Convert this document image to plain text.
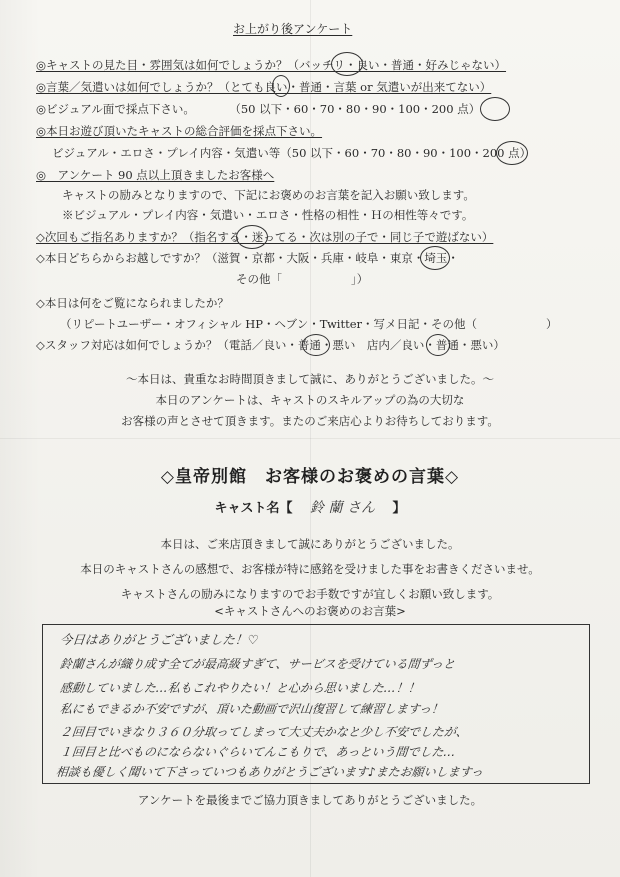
お上がり後アンケート
◎キャストの見た目・雰囲気は如何でしょうか？（バッチリ・良い・普通・好みじゃない）
◎言葉／気遣いは如何でしょうか？（とても良い・普通・言葉 or 気遣いが出来てない）
◎ビジュアル面で採点下さい。　　　　（50 以下・60・70・80・90・100・200 点）
◎本日お遊び頂いたキャストの総合評価を採点下さい。
ビジュアル・エロさ・プレイ内容・気遣い等（50 以下・60・70・80・90・100・200 点）
◎　アンケート 90 点以上頂きましたお客様へ
キャストの励みとなりますので、下記にお褒めのお言葉を記入お願い致します。
※ビジュアル・プレイ内容・気遣い・エロさ・性格の相性・Ｈの相性等々です。
◇次回もご指名ありますか？（指名する・迷ってる・次は別の子で・同じ子で遊ばない）
◇本日どちらからお越しですか？（滋賀・京都・大阪・兵庫・岐阜・東京・埼玉・
その他「　　　　　　」）
◇本日は何をご覧になられましたか？
（リピートユーザー・オフィシャル HP・ヘブン・Twitter・写メ日記・その他（　　　　　　）
◇スタッフ対応は如何でしょうか？（電話／良い・普通・悪い　店内／良い・普通・悪い）
～本日は、貴重なお時間頂きまして誠に、ありがとうございました。～
本日のアンケートは、キャストのスキルアップの為の大切な
お客様の声とさせて頂きます。またのご来店心よりお待ちしております。
◇皇帝別館　お客様のお褒めの言葉◇
キャスト名【 鈴 蘭 さん 】
本日は、ご来店頂きまして誠にありがとうございました。
本日のキャストさんの感想で、お客様が特に感銘を受けました事をお書きくださいませ。
キャストさんの励みになりますのでお手数ですが宜しくお願い致します。
<キャストさんへのお褒めのお言葉>
今日はありがとうございました！♡
鈴蘭さんが織り成す全てが最高級すぎて、サービスを受けている間ずっと
感動していました…私もこれやりたい！と心から思いました…！！
私にもできるか不安ですが、頂いた動画で沢山復習して練習しますっ！
２回目でいきなり３６０分取ってしまって大丈夫かなと少し不安でしたが、
１回目と比べものにならないぐらいてんこもりで、あっという間でした…
相談も優しく聞いて下さっていつもありがとうございます♪またお願いしますっ
アンケートを最後までご協力頂きましてありがとうございました。
